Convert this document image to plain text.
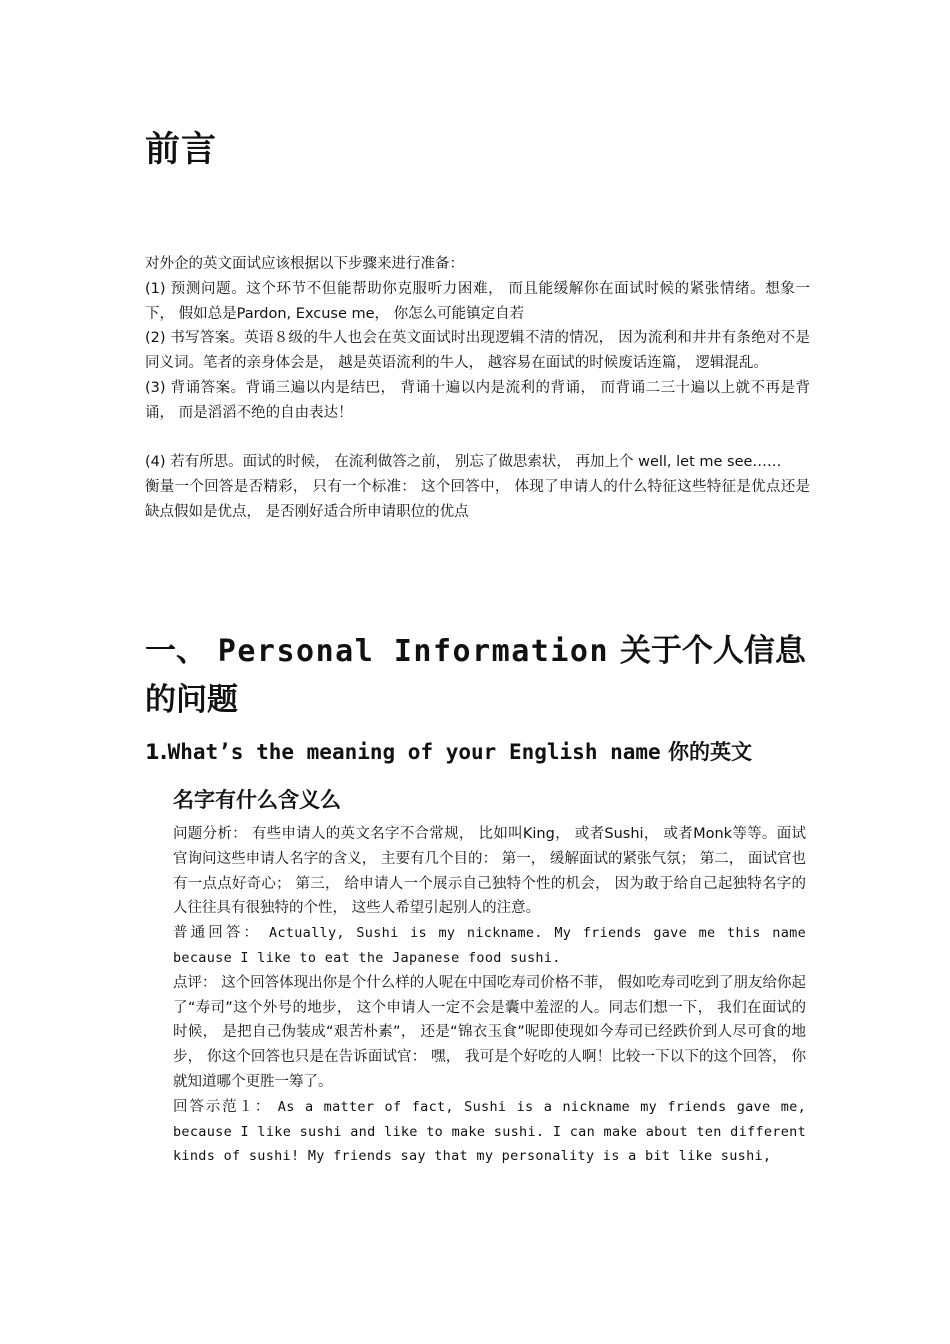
前言

对外企的英文面试应该根据以下步骤来进行准备：

(1) 预测问题。这个环节不但能帮助你克服听力困难， 而且能缓解你在面试时候的紧张情绪。想象一下， 假如总是Pardon, Excuse me， 你怎么可能镇定自若

(2) 书写答案。英语８级的牛人也会在英文面试时出现逻辑不清的情况， 因为流利和井井有条绝对不是同义词。笔者的亲身体会是， 越是英语流利的牛人， 越容易在面试的时候废话连篇， 逻辑混乱。

(3) 背诵答案。背诵三遍以内是结巴， 背诵十遍以内是流利的背诵， 而背诵二三十遍以上就不再是背诵， 而是滔滔不绝的自由表达！

(4) 若有所思。面试的时候， 在流利做答之前， 别忘了做思索状， 再加上个 well, let me see……

衡量一个回答是否精彩， 只有一个标准： 这个回答中， 体现了申请人的什么特征这些特征是优点还是缺点假如是优点， 是否刚好适合所申请职位的优点

一、 Personal Information 关于个人信息的问题
1.What’s the meaning of your English name 你的英文
名字有什么含义么

问题分析： 有些申请人的英文名字不合常规， 比如叫King， 或者Sushi， 或者Monk等等。面试官询问这些申请人名字的含义， 主要有几个目的： 第一， 缓解面试的紧张气氛； 第二， 面试官也有一点点好奇心； 第三， 给申请人一个展示自己独特个性的机会， 因为敢于给自己起独特名字的人往往具有很独特的个性， 这些人希望引起别人的注意。

普通回答： Actually, Sushi is my nickname. My friends gave me this name because I like to eat the Japanese food sushi.

点评： 这个回答体现出你是个什么样的人呢在中国吃寿司价格不菲， 假如吃寿司吃到了朋友给你起了“寿司”这个外号的地步， 这个申请人一定不会是囊中羞涩的人。同志们想一下， 我们在面试的时候， 是把自己伪装成“艰苦朴素”， 还是“锦衣玉食”呢即使现如今寿司已经跌价到人尽可食的地步， 你这个回答也只是在告诉面试官： 嘿， 我可是个好吃的人啊！比较一下以下的这个回答， 你就知道哪个更胜一筹了。

回答示范１： As a matter of fact, Sushi is a nickname my friends gave me, because I like sushi and like to make sushi. I can make about ten different kinds of sushi! My friends say that my personality is a bit like sushi,
